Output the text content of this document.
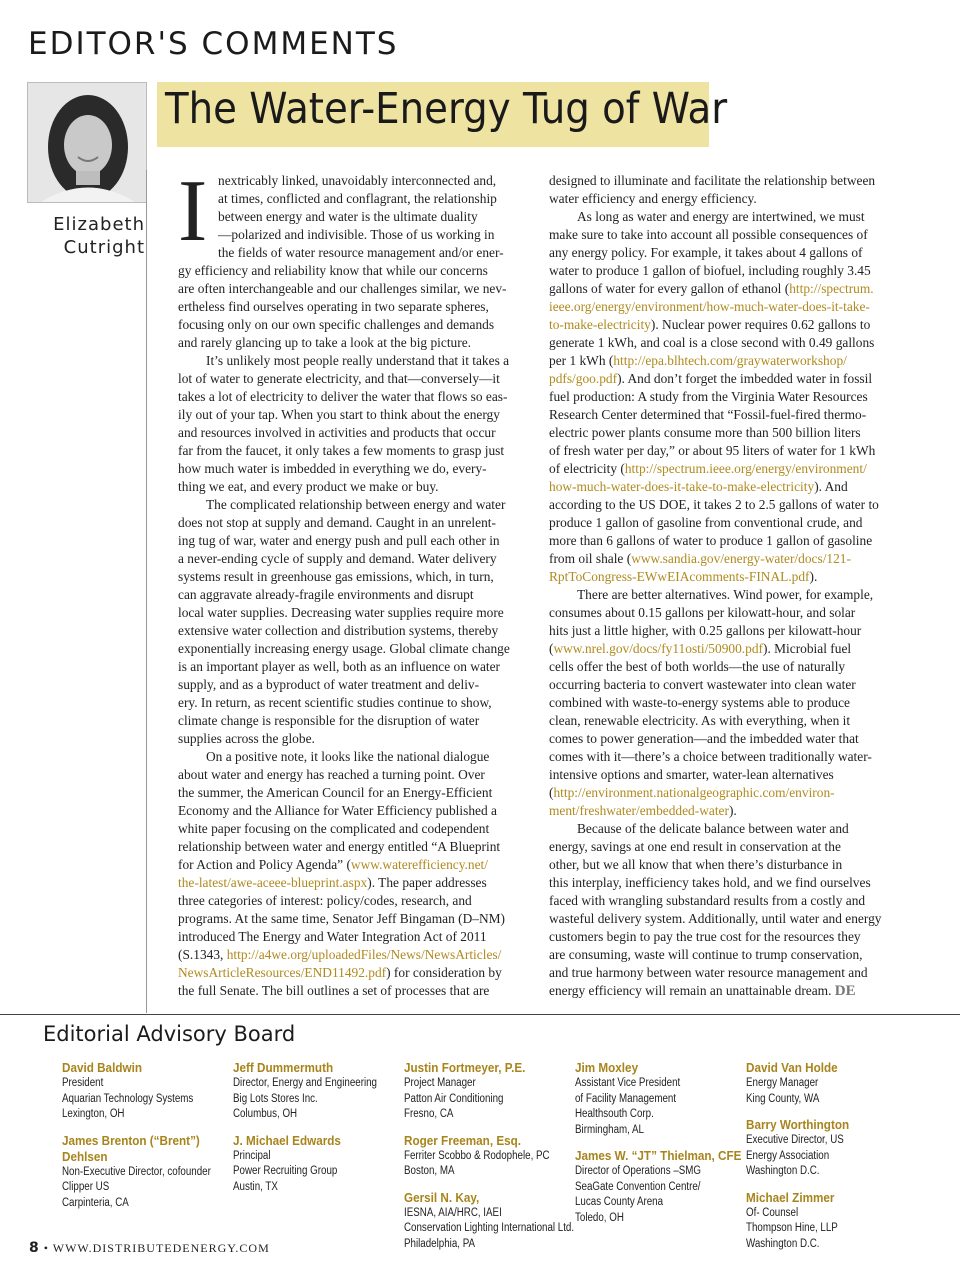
EDITOR'S COMMENTS
Elizabeth
Cutright
The Water-Energy Tug of War
I nextricably linked, unavoidably interconnected and,
at times, conflicted and conflagrant, the relationship
between energy and water is the ultimate duality
—polarized and indivisible. Those of us working in
the fields of water resource management and/or ener-
gy efficiency and reliability know that while our concerns
are often interchangeable and our challenges similar, we nev-
ertheless find ourselves operating in two separate spheres,
focusing only on our own specific challenges and demands
and rarely glancing up to take a look at the big picture.
It’s unlikely most people really understand that it takes a
lot of water to generate electricity, and that—conversely—it
takes a lot of electricity to deliver the water that flows so eas-
ily out of your tap. When you start to think about the energy
and resources involved in activities and products that occur
far from the faucet, it only takes a few moments to grasp just
how much water is imbedded in everything we do, every-
thing we eat, and every product we make or buy.
The complicated relationship between energy and water
does not stop at supply and demand. Caught in an unrelent-
ing tug of war, water and energy push and pull each other in
a never-ending cycle of supply and demand. Water delivery
systems result in greenhouse gas emissions, which, in turn,
can aggravate already-fragile environments and disrupt
local water supplies. Decreasing water supplies require more
extensive water collection and distribution systems, thereby
exponentially increasing energy usage. Global climate change
is an important player as well, both as an influence on water
supply, and as a byproduct of water treatment and deliv-
ery. In return, as recent scientific studies continue to show,
climate change is responsible for the disruption of water
supplies across the globe.
On a positive note, it looks like the national dialogue
about water and energy has reached a turning point. Over
the summer, the American Council for an Energy-Efficient
Economy and the Alliance for Water Efficiency published a
white paper focusing on the complicated and codependent
relationship between water and energy entitled “A Blueprint
for Action and Policy Agenda” (www.waterefficiency.net/
the-latest/awe-aceee-blueprint.aspx). The paper addresses
three categories of interest: policy/codes, research, and
programs. At the same time, Senator Jeff Bingaman (D–NM)
introduced The Energy and Water Integration Act of 2011
(S.1343, http://a4we.org/uploadedFiles/News/NewsArticles/
NewsArticleResources/END11492.pdf) for consideration by
the full Senate. The bill outlines a set of processes that are
designed to illuminate and facilitate the relationship between
water efficiency and energy efficiency.
As long as water and energy are intertwined, we must
make sure to take into account all possible consequences of
any energy policy. For example, it takes about 4 gallons of
water to produce 1 gallon of biofuel, including roughly 3.45
gallons of water for every gallon of ethanol (http://spectrum.
ieee.org/energy/environment/how-much-water-does-it-take-
to-make-electricity). Nuclear power requires 0.62 gallons to
generate 1 kWh, and coal is a close second with 0.49 gallons
per 1 kWh (http://epa.blhtech.com/graywaterworkshop/
pdfs/goo.pdf). And don’t forget the imbedded water in fossil
fuel production: A study from the Virginia Water Resources
Research Center determined that “Fossil-fuel-fired thermo-
electric power plants consume more than 500 billion liters
of fresh water per day,” or about 95 liters of water for 1 kWh
of electricity (http://spectrum.ieee.org/energy/environment/
how-much-water-does-it-take-to-make-electricity). And
according to the US DOE, it takes 2 to 2.5 gallons of water to
produce 1 gallon of gasoline from conventional crude, and
more than 6 gallons of water to produce 1 gallon of gasoline
from oil shale (www.sandia.gov/energy-water/docs/121-
RptToCongress-EWwEIAcomments-FINAL.pdf).
There are better alternatives. Wind power, for example,
consumes about 0.15 gallons per kilowatt-hour, and solar
hits just a little higher, with 0.25 gallons per kilowatt-hour
(www.nrel.gov/docs/fy11osti/50900.pdf). Microbial fuel
cells offer the best of both worlds—the use of naturally
occurring bacteria to convert wastewater into clean water
combined with waste-to-energy systems able to produce
clean, renewable electricity. As with everything, when it
comes to power generation—and the imbedded water that
comes with it—there’s a choice between traditionally water-
intensive options and smarter, water-lean alternatives
(http://environment.nationalgeographic.com/environ-
ment/freshwater/embedded-water).
Because of the delicate balance between water and
energy, savings at one end result in conservation at the
other, but we all know that when there’s disturbance in
this interplay, inefficiency takes hold, and we find ourselves
faced with wrangling substandard results from a costly and
wasteful delivery system. Additionally, until water and energy
customers begin to pay the true cost for the resources they
are consuming, waste will continue to trump conservation,
and true harmony between water resource management and
energy efficiency will remain an unattainable dream. DE
Editorial Advisory Board
David Baldwin
President
Aquarian Technology Systems
Lexington, OH
James Brenton (“Brent”)
Dehlsen
Non-Executive Director, cofounder
Clipper US
Carpinteria, CA
Jeff Dummermuth
Director, Energy and Engineering
Big Lots Stores Inc.
Columbus, OH
J. Michael Edwards
Principal
Power Recruiting Group
Austin, TX
Justin Fortmeyer, P.E.
Project Manager
Patton Air Conditioning
Fresno, CA
Roger Freeman, Esq.
Ferriter Scobbo & Rodophele, PC
Boston, MA
Gersil N. Kay,
IESNA, AIA/HRC, IAEI
Conservation Lighting International Ltd.
Philadelphia, PA
Jim Moxley
Assistant Vice President
of Facility Management
Healthsouth Corp.
Birmingham, AL
James W. “JT” Thielman, CFE
Director of Operations –SMG
SeaGate Convention Centre/
Lucas County Arena
Toledo, OH
David Van Holde
Energy Manager
King County, WA
Barry Worthington
Executive Director, US
Energy Association
Washington D.C.
Michael Zimmer
Of- Counsel
Thompson Hine, LLP
Washington D.C.
8 • WWW.DISTRIBUTEDENERGY.COM
